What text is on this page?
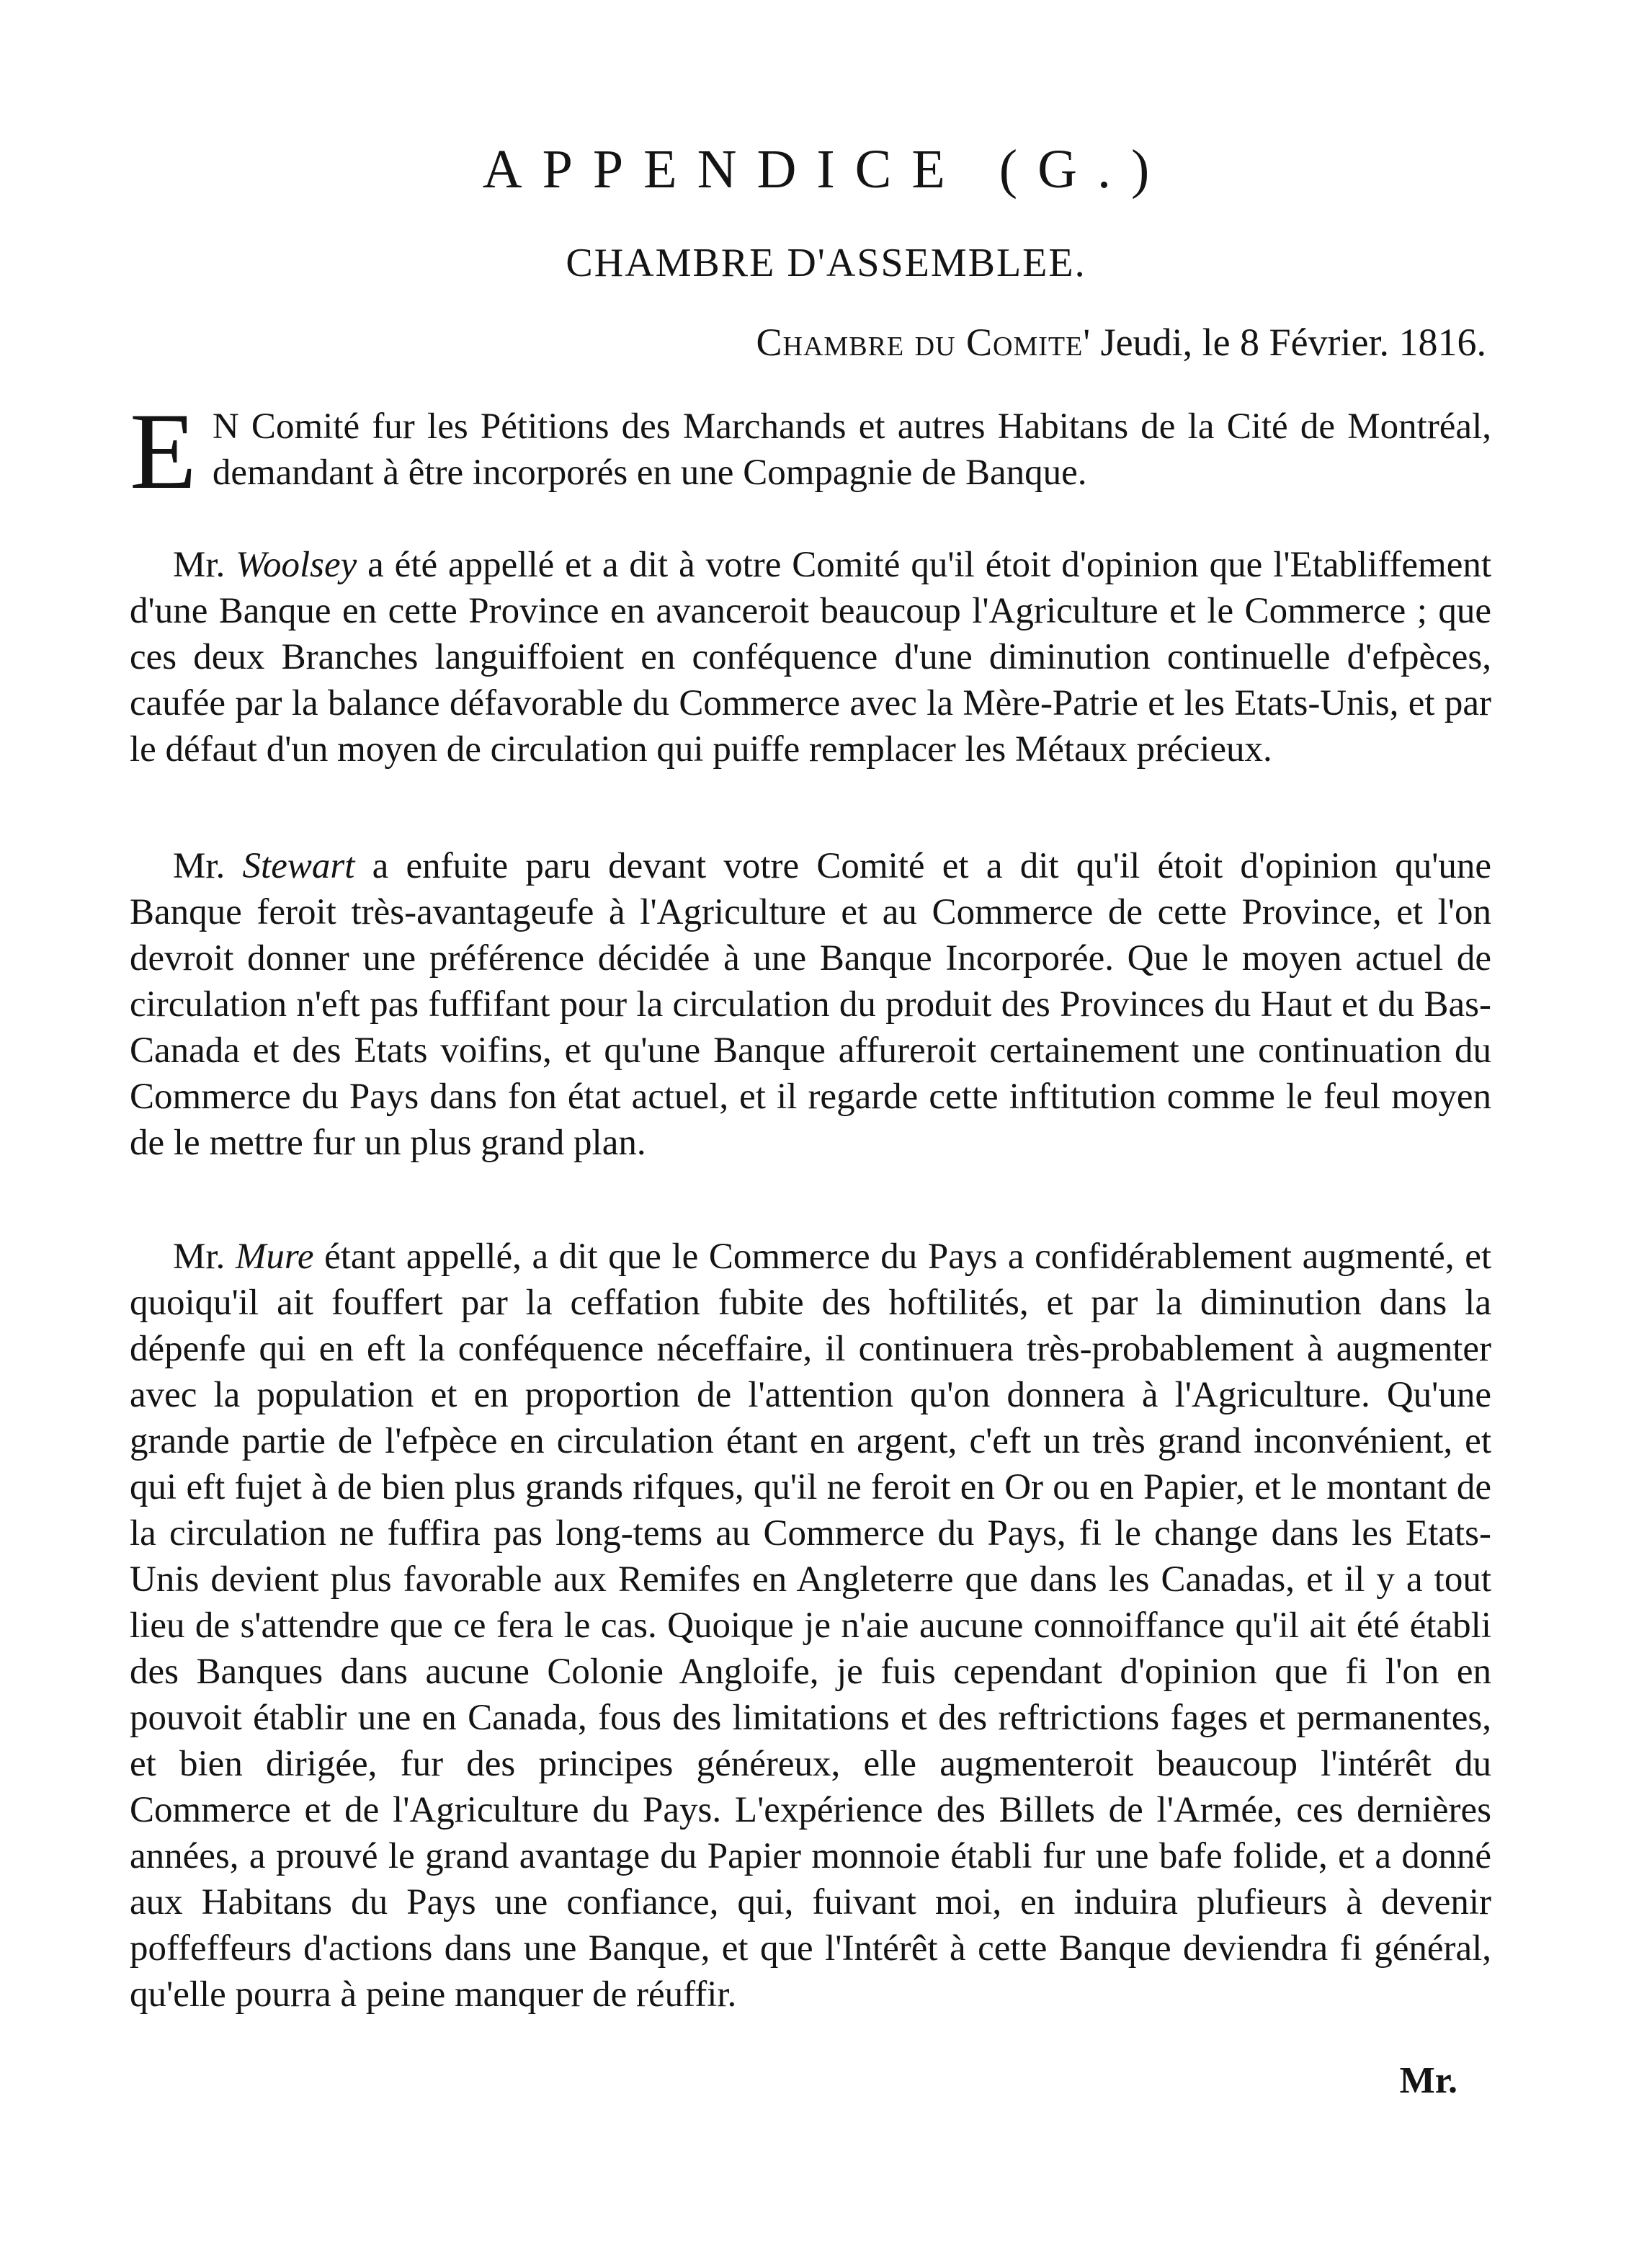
APPENDICE (G.)
CHAMBRE D'ASSEMBLEE.

Chambre du Comite' Jeudi, le 8 Février. 1816.

E N Comité fur les Pétitions des Marchands et autres Habitans de la Cité de Montréal, demandant à être incorporés en une Compagnie de Banque.

Mr. Woolsey a été appellé et a dit à votre Comité qu'il étoit d'opinion que l'Etabliffement d'une Banque en cette Province en avanceroit beaucoup l'Agriculture et le Commerce ; que ces deux Branches languiffoient en conféquence d'une diminution continuelle d'efpèces, caufée par la balance défavorable du Commerce avec la Mère-Patrie et les Etats-Unis, et par le défaut d'un moyen de circulation qui puiffe remplacer les Métaux précieux.

Mr. Stewart a enfuite paru devant votre Comité et a dit qu'il étoit d'opinion qu'une Banque feroit très-avantageufe à l'Agriculture et au Commerce de cette Province, et l'on devroit donner une préférence décidée à une Banque Incorporée. Que le moyen actuel de circulation n'eft pas fuffifant pour la circulation du produit des Provinces du Haut et du Bas-Canada et des Etats voifins, et qu'une Banque affureroit certainement une continuation du Commerce du Pays dans fon état actuel, et il regarde cette inftitution comme le feul moyen de le mettre fur un plus grand plan.

Mr. Mure étant appellé, a dit que le Commerce du Pays a confidérablement augmenté, et quoiqu'il ait fouffert par la ceffation fubite des hoftilités, et par la diminution dans la dépenfe qui en eft la conféquence néceffaire, il continuera très-probablement à augmenter avec la population et en proportion de l'attention qu'on donnera à l'Agriculture. Qu'une grande partie de l'efpèce en circulation étant en argent, c'eft un très grand inconvénient, et qui eft fujet à de bien plus grands rifques, qu'il ne feroit en Or ou en Papier, et le montant de la circulation ne fuffira pas long-tems au Commerce du Pays, fi le change dans les Etats-Unis devient plus favorable aux Remifes en Angleterre que dans les Canadas, et il y a tout lieu de s'attendre que ce fera le cas. Quoique je n'aie aucune connoiffance qu'il ait été établi des Banques dans aucune Colonie Angloife, je fuis cependant d'opinion que fi l'on en pouvoit établir une en Canada, fous des limitations et des reftrictions fages et permanentes, et bien dirigée, fur des principes généreux, elle augmenteroit beaucoup l'intérêt du Commerce et de l'Agriculture du Pays. L'expérience des Billets de l'Armée, ces dernières années, a prouvé le grand avantage du Papier monnoie établi fur une bafe folide, et a donné aux Habitans du Pays une confiance, qui, fuivant moi, en induira plufieurs à devenir poffeffeurs d'actions dans une Banque, et que l'Intérêt à cette Banque deviendra fi général, qu'elle pourra à peine manquer de réuffir.

Mr.
